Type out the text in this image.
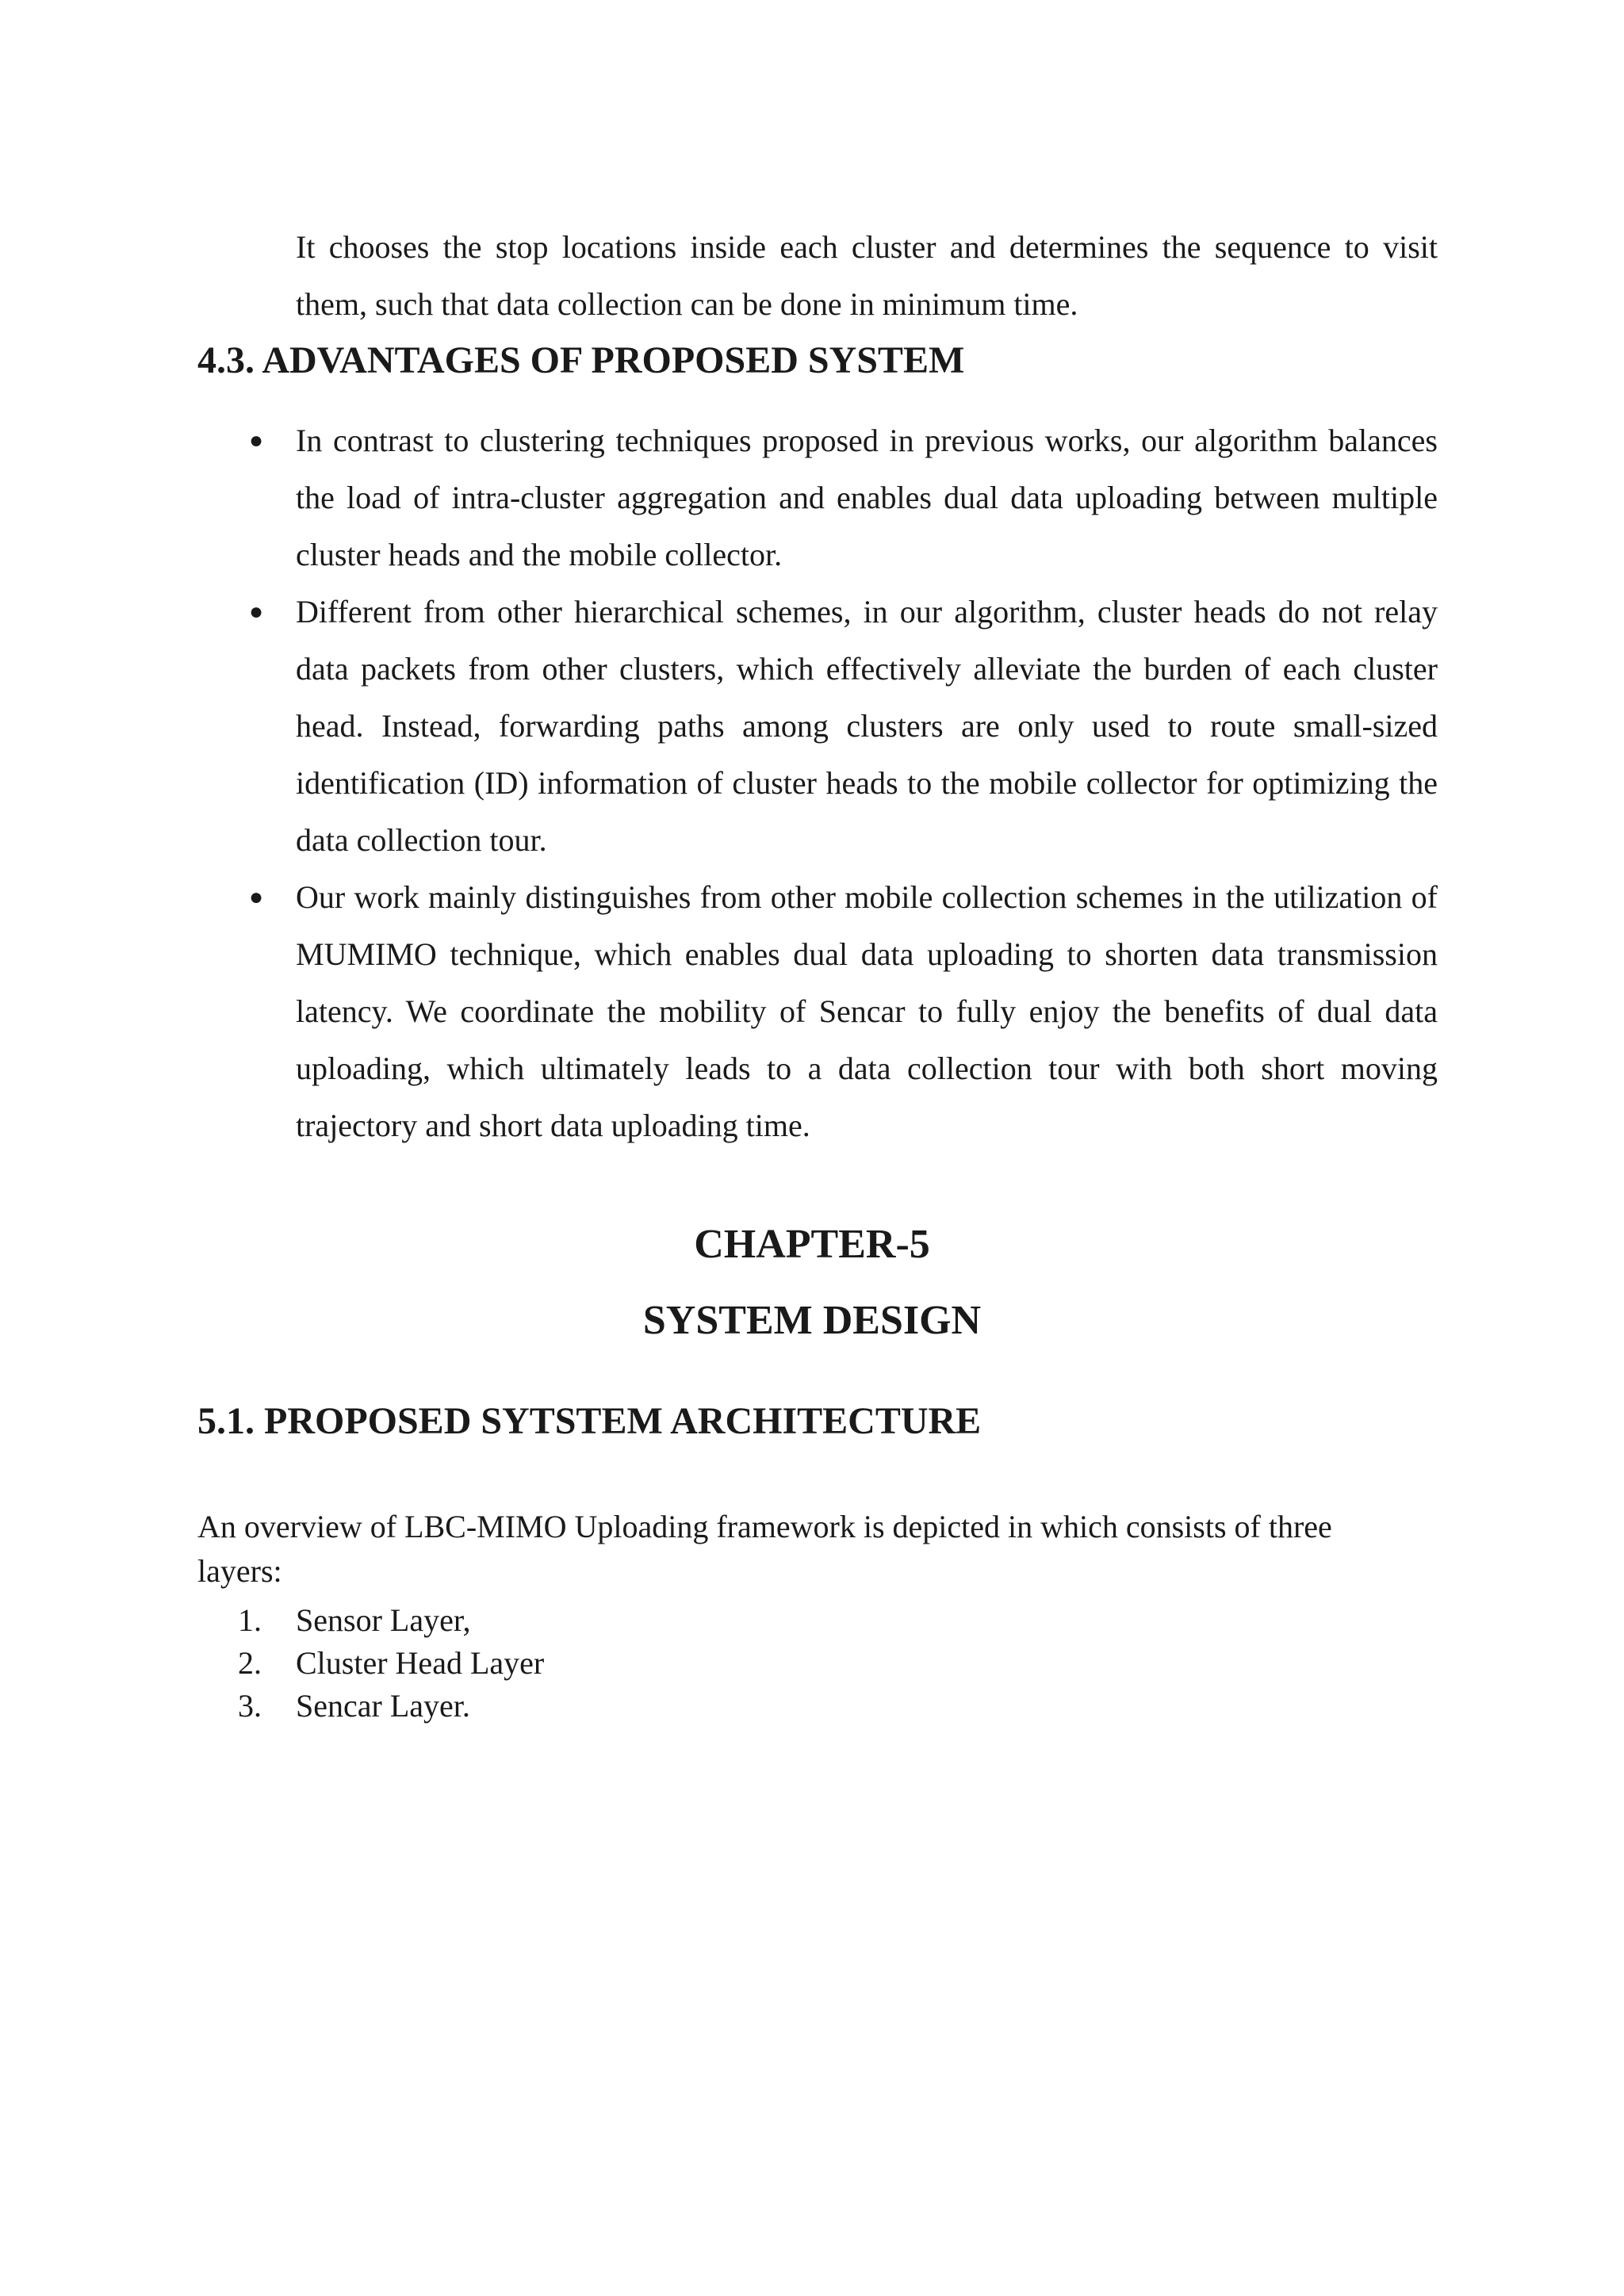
It chooses the stop locations inside each cluster and determines the sequence to visit them, such that data collection can be done in minimum time.

4.3. ADVANTAGES OF PROPOSED SYSTEM
● In contrast to clustering techniques proposed in previous works, our algorithm balances the load of intra-cluster aggregation and enables dual data uploading between multiple cluster heads and the mobile collector.
● Different from other hierarchical schemes, in our algorithm, cluster heads do not relay data packets from other clusters, which effectively alleviate the burden of each cluster head. Instead, forwarding paths among clusters are only used to route small-sized identification (ID) information of cluster heads to the mobile collector for optimizing the data collection tour.
● Our work mainly distinguishes from other mobile collection schemes in the utilization of MUMIMO technique, which enables dual data uploading to shorten data transmission latency. We coordinate the mobility of Sencar to fully enjoy the benefits of dual data uploading, which ultimately leads to a data collection tour with both short moving trajectory and short data uploading time.
CHAPTER-5
SYSTEM DESIGN
5.1. PROPOSED SYTSTEM ARCHITECTURE

An overview of LBC-MIMO Uploading framework is depicted in which consists of three layers:

1. Sensor Layer,
2. Cluster Head Layer
3. Sencar Layer.
